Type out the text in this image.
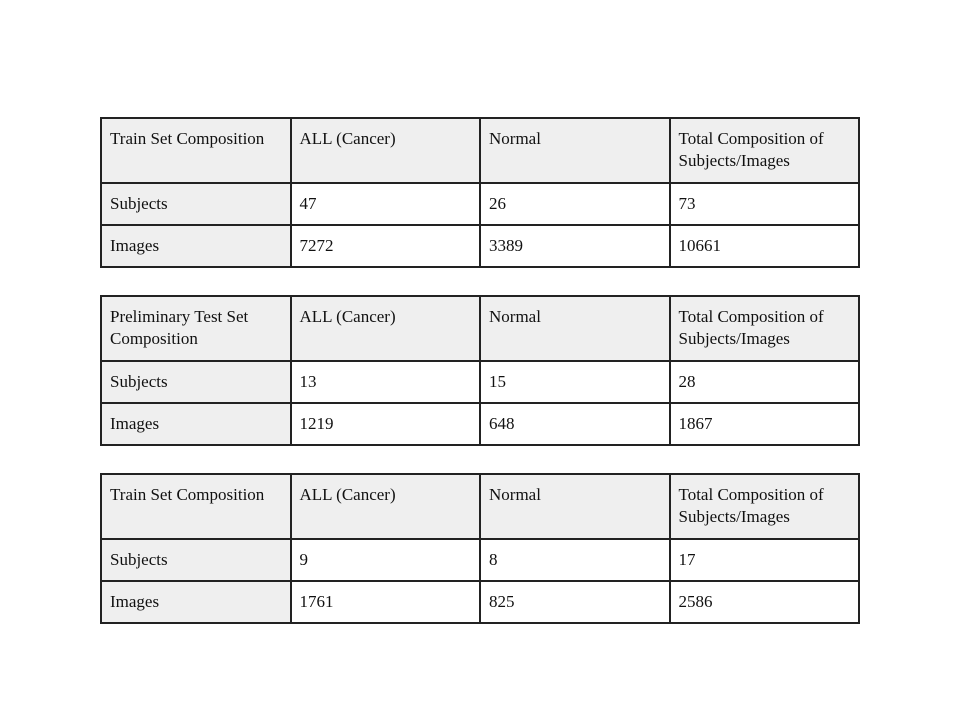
Train Set Composition	ALL (Cancer)	Normal	Total Composition of Subjects/Images
Subjects	47	26	73
Images	7272	3389	10661
Preliminary Test Set Composition	ALL (Cancer)	Normal	Total Composition of Subjects/Images
Subjects	13	15	28
Images	1219	648	1867
Train Set Composition	ALL (Cancer)	Normal	Total Composition of Subjects/Images
Subjects	9	8	17
Images	1761	825	2586
